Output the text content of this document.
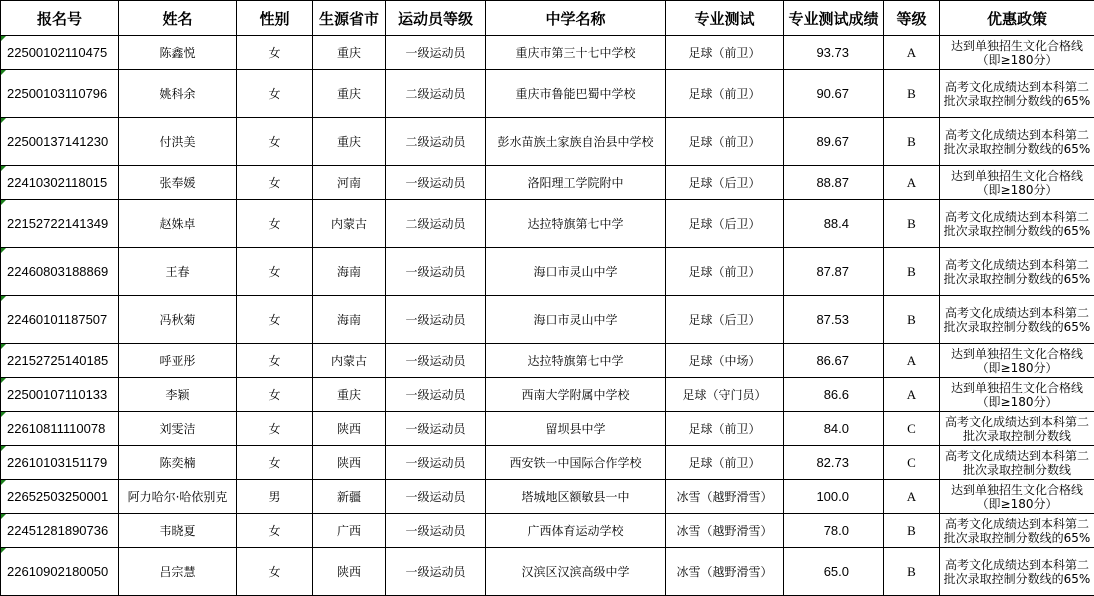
报名号	姓名	性别	生源省市	运动员等级	中学名称	专业测试	专业测试成绩	等级	优惠政策
22500102110475	陈鑫悦	女	重庆	一级运动员	重庆市第三十七中学校	足球（前卫）	93.73	A	达到单独招生文化合格线
（即≥180分）

22500103110796	姚科余	女	重庆	二级运动员	重庆市鲁能巴蜀中学校	足球（前卫）	90.67	B	高考文化成绩达到本科第二
批次录取控制分数线的65%

22500137141230	付洪美	女	重庆	二级运动员	彭水苗族土家族自治县中学校	足球（前卫）	89.67	B	高考文化成绩达到本科第二
批次录取控制分数线的65%

22410302118015	张奉媛	女	河南	一级运动员	洛阳理工学院附中	足球（后卫）	88.87	A	达到单独招生文化合格线
（即≥180分）

22152722141349	赵姝卓	女	内蒙古	二级运动员	达拉特旗第七中学	足球（后卫）	88.4	B	高考文化成绩达到本科第二
批次录取控制分数线的65%

22460803188869	王春	女	海南	一级运动员	海口市灵山中学	足球（前卫）	87.87	B	高考文化成绩达到本科第二
批次录取控制分数线的65%

22460101187507	冯秋菊	女	海南	一级运动员	海口市灵山中学	足球（后卫）	87.53	B	高考文化成绩达到本科第二
批次录取控制分数线的65%

22152725140185	呼亚彤	女	内蒙古	一级运动员	达拉特旗第七中学	足球（中场）	86.67	A	达到单独招生文化合格线
（即≥180分）

22500107110133	李颖	女	重庆	一级运动员	西南大学附属中学校	足球（守门员）	86.6	A	达到单独招生文化合格线
（即≥180分）

22610811110078	刘雯洁	女	陕西	一级运动员	留坝县中学	足球（前卫）	84.0	C	高考文化成绩达到本科第二
批次录取控制分数线

22610103151179	陈奕楠	女	陕西	一级运动员	西安铁一中国际合作学校	足球（前卫）	82.73	C	高考文化成绩达到本科第二
批次录取控制分数线

22652503250001	阿力哈尔·哈依别克	男	新疆	一级运动员	塔城地区额敏县一中	冰雪（越野滑雪）	100.0	A	达到单独招生文化合格线
（即≥180分）

22451281890736	韦晓夏	女	广西	一级运动员	广西体育运动学校	冰雪（越野滑雪）	78.0	B	高考文化成绩达到本科第二
批次录取控制分数线的65%

22610902180050	吕宗慧	女	陕西	一级运动员	汉滨区汉滨高级中学	冰雪（越野滑雪）	65.0	B	高考文化成绩达到本科第二
批次录取控制分数线的65%
